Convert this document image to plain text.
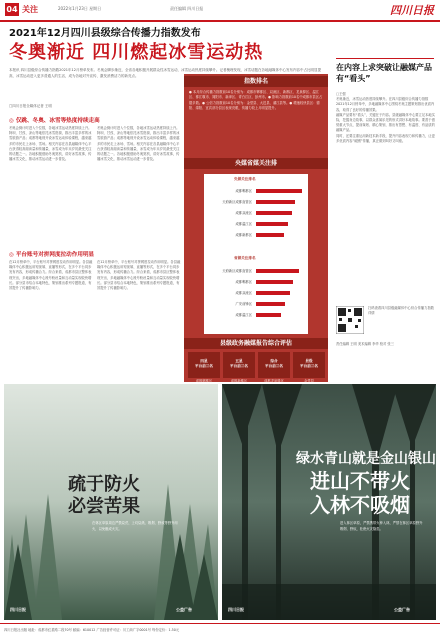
04 关注	2022年1月23日 星期日	责任编辑 四川日报	四川日报
2021年12月四川县级综合传播力指数发布
冬奥渐近 四川燃起冰雪运动热
本报讯 四川县级综合传播力指数2021年12月榜单发布。冬奥会脚步渐近，全省各地积极开展群众性冰雪运动，冰雪运动热度持续攀升。记者梳理发现，冰雪话题在各地融媒体中心发布内容中占比明显提高，冰雪运动进入更多普通人的生活，成为各地对外宣传、激发消费活力的新亮点。
□四川日报全媒体记者 王明
◎ 仅跳、冬奥、冰雪等热度持续走高
冬奥会倒计时进入个位数，各地冰雪运动热度持续上升。阿坝、甘孜、凉山等地依托冰雪资源，推出丰富多样的冰雪旅游产品；成都等地则开设冰雪运动体验课程，越来越多的市民走上冰场、雪场。相关内容在各县融媒体中心平台获得较高阅读量和传播量，冰雪成为年末岁初最受关注的话题之一。各地积极借助冬奥契机，讲好冰雪故事，传播冰雪文化，推动冰雪运动进一步普及。
冬奥会倒计时进入个位数，各地冰雪运动热度持续上升。阿坝、甘孜、凉山等地依托冰雪资源，推出丰富多样的冰雪旅游产品；成都等地则开设冰雪运动体验课程，越来越多的市民走上冰场、雪场。相关内容在各县融媒体中心平台获得较高阅读量和传播量，冰雪成为年末岁初最受关注的话题之一。各地积极借助冬奥契机，讲好冰雪故事，传播冰雪文化，推动冰雪运动进一步普及。
◎ 平台账号对拼网度拉动作用明显
在12月榜单中，平台账号对拼网度拉动作用明显。各县融媒体中心积极运用短视频、直播等形式，在多个平台同步发布内容，形成传播合力。综合来看，成都市县区整体表现突出，多地融媒体中心账号粉丝量和互动量实现较快增长。部分县市结合本地特色，策划推出系列专题报道，有效提升了传播影响力。
在12月榜单中，平台账号对拼网度拉动作用明显。各县融媒体中心积极运用短视频、直播等形式，在多个平台同步发布内容，形成传播合力。综合来看，成都市县区整体表现突出，多地融媒体中心账号粉丝量和互动量实现较快增长。部分县市结合本地特色，策划推出系列专题报道，有效提升了传播影响力。
指数排名
● 本月综合传播力指数前10名分别为：成都市郫都区、双流区、新都区、龙泉驿区、温江区、都江堰市、简阳市、新津区、青白江区、彭州市。● 影响力指数前10名中成都市县区占据多数。● 公信力指数前10名分别为：金堂县、大邑县、蒲江县等。● 增速较快县区：德阳、绵阳、宜宾部分县区表现亮眼，传播力较上月明显提升。
央媒省媒关注排
央媒关注排名
成都郫都区
天府新区成都直管区
成都双流区
成都温江区
成都新都区
省媒关注排名
天府新区成都直管区
成都郫都区
成都双流区
广安前锋区
成都温江区
县级政务融媒报告综合评估
四星
平台前三名
成都郫都区

五星
平台前三名
成都新都区

综合
平台前三名
成都龙泉驿区

县级
平台前三名
金堂县

在内容上求突破让融媒产品有“看头”
□王强
冬奥渐近，冰雪运动热度持续攀升。在四川县级综合传播力指数2021年12月榜单中，多地融媒体中心围绕冬奥主题策划推出优质内容，取得了良好的传播效果。
融媒产品要有“看头”，关键在于内容。县级融媒体中心要立足本地实际，挖掘身边故事，以群众喜闻乐见的形式讲好本地故事。要善于借势重大节点，提前谋划、精心策划，推出有思想、有温度、有品质的融媒产品。
同时，还要注重运用新技术新手段，提升内容表现力和传播力，让更多优质内容“破圈”传播，真正做到叫好又叫座。
扫码查看四川县级融媒体中心综合传播力指数详情
责任编辑 王明 美术编辑 李华 校对 张三
疏于防火
必尝苦果
在林区草原周边严禁烧荒、上坟烧纸、吸烟、野炊等野外用火，以免酿成火灾。
四川日报	公益广告
绿水青山就是金山银山
进山不带火
入林不吸烟
进入林区草原，严禁携带火种入林，严禁在林区草原野外吸烟、野炊，杜绝火灾隐患。
四川日报	公益广告
四川日报社出版 地址：成都市红星路二段70号 邮编：610012 广告经营许可证：川工商广字0001号 每份定价：1.50元
